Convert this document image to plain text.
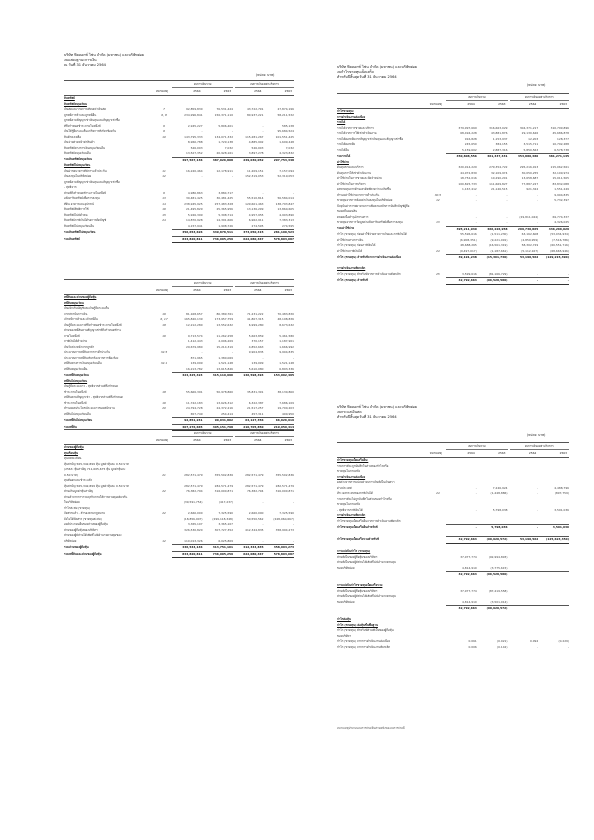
บริษัท ฟิลลอกซ์ ไซ่น จำกัด (มหาชน) และบริษัทย่อย
งบแสดงฐานะการเงิน
ณ วันที่ 31 ธันวาคม 2564
(หน่วย: บาท)
งบการเงินรวม	งบการเงินเฉพาะกิจการ
หมายเหตุ	2564	2563	2564	2563
สินทรัพย์					
สินทรัพย์หมุนเวียน					
เงินสดและรายการเทียบเท่าเงินสด	7	92,859,830	76,531,424	43,722,791	27,874,196
ลูกหนี้การค้าและลูกหนี้อื่น	6, 8	234,996,841	150,371,110	80,937,221	58,211,532
ลูกหนี้ตามสัญญาเช่าเงินทุนและสัญญาเช่าซื้อ					
ที่ถึงกำหนดชำระภายในหนึ่งปี	9	2,945,227	5,806,401	-	585,138
เงินให้กู้ยืมระยะสั้นแก่กิจการที่เกี่ยวข้องกัน	6	-	-	-	95,684,524
สินค้าคงเหลือ	10	143,795,333	134,071,332	115,281,267	101,551,425
เงินจ่ายล่วงหน้าค่าสินค้า		8,960,788	1,729,138	4,885,902	1,699,448
สินทรัพย์ทางการเงินหมุนเวียนอื่น		546,003	7,032	546,003	7,032
สินทรัพย์หมุนเวียนอื่น		13,527,352	20,928,161	3,897,278	4,323,832
รวมสินทรัพย์หมุนเวียน		497,567,136	387,026,808	249,030,052	297,753,348
สินทรัพย์ไม่หมุนเวียน					
เงินฝากธนาคารที่มีภาระค้ำประกัน	11	16,240,464	12,178,911	11,209,151	7,157,094
เงินลงทุนในบริษัทย่อย	12	-	-	152,319,053	52,319,053
ลูกหนี้ตามสัญญาเช่าเงินทุนและสัญญาเช่าซื้อ					
- สุทธิจาก					
ส่วนที่ถึงกำหนดชำระภายในหนึ่งปี	9	4,980,863	3,884,717	-	-
อสังหาริมทรัพย์เพื่อการลงทุน	13	30,481,425	30,481,425	55,510,814	56,584,014
ที่ดิน อาคารและอุปกรณ์	14	238,945,925	257,483,328	129,601,463	138,793,847
สินทรัพย์สิทธิการใช้	19	21,495,829	25,365,956	13,136,299	13,860,605
สินทรัพย์ไม่มีตัวตน	15	5,926,399	5,398,714	4,957,955	4,903,890
สินทรัพย์ภาษีเงินได้รอการตัดบัญชี	24	14,870,928	14,391,606	6,962,911	7,383,313
สินทรัพย์ไม่หมุนเวียนอื่น		4,157,941	1,998,726	274,595	274,595
รวมสินทรัพย์ไม่หมุนเวียน		356,653,626	349,878,511	373,050,415	281,190,523
รวมสินทรัพย์		843,820,811	736,905,259	622,080,467	578,893,687
งบการเงินรวม	งบการเงินเฉพาะกิจการ
หมายเหตุ	2564	2563	2564	2563
หนี้สินและส่วนของผู้ถือหุ้น					
หนี้สินหมุนเวียน					
เงินเบิกเกินบัญชีและเงินกู้ยืมระยะสั้น					
จากสถาบันการเงิน	16	81,168,657	80,389,761	71,231,222	70,483,830
เจ้าหนี้การค้าและเจ้าหนี้อื่น	6, 17	165,820,139	173,957,759	41,807,315	48,198,836
เงินกู้ยืมระยะยาวที่ถึงกำหนดชำระภายในหนึ่งปี	18	12,212,280	13,552,632	6,999,280	8,673,632
ส่วนของหนี้สินตามสัญญาเช่าที่ถึงกำหนดชำระ					
ภายในหนึ่งปี	19	9,713,574	11,262,258	5,663,859	5,461,580
ภาษีเงินได้ค้างจ่าย		1,412,443	2,096,209	370,157	1,187,901
เงินรับล่วงหน้าจากลูกค้า		29,679,980	15,214,319	4,852,663	1,666,992
ประมาณการหนี้สินจากการค้ำประกัน	32.5	-	-	9,904,835	9,904,835
ประมาณการหนี้สินเรียกร้องจากการฟ้องร้อง		871,965	1,380,069	-	-
หนี้สินทางการเงินหมุนเวียนอื่น	32.1	139,099	1,521,148	139,099	1,521,148
หนี้สินหมุนเวียนอื่น		16,213,782	13,615,846	5,610,080	6,893,336
รวมหนี้สินหมุนเวียน		324,425,424	315,119,996	146,598,494	153,992,495
หนี้สินไม่หมุนเวียน					
เงินกู้ยืมระยะยาว - สุทธิจากส่วนที่ถึงกำหนด					
ชำระภายในหนึ่งปี	18	55,666,391	50,978,860	35,831,391	38,130,860
หนี้สินตามสัญญาเช่า - สุทธิจากส่วนที่ถึงกำหนด					
ชำระภายในหนึ่งปี	19	11,742,183	13,626,312	6,322,387	7,686,109
สำรองผลประโยชน์ระยะยาวของพนักงาน	20	24,794,728	24,372,216	21,517,257	19,700,203
หนี้สินไม่หมุนเวียนอื่น		657,749	254,414	457,311	400,950
รวมหนี้สินไม่หมุนเวียน		92,851,241	90,031,802	64,127,356	66,026,919
รวมหนี้สิน		407,276,665	405,151,798	210,705,850	219,959,414
งบการเงินรวม	งบการเงินเฉพาะกิจการ
หมายเหตุ	2564	2563	2564	2563
ส่วนของผู้ถือหุ้น					
ทุนเรือนหุ้น					
ทุนจดทะเบียน					
หุ้นสามัญ 565,342,899 หุ้น มูลค่าหุ้นละ 0.50 บาท					
(2563: หุ้นสามัญ 711,005,675 หุ้น มูลค่าหุ้นละ					
0.50 บาท)	21	282,571,479	355,502,836	282,571,479	355,502,836
ทุนที่ออกและชำระแล้ว					
หุ้นสามัญ 565,342,899 หุ้น มูลค่าหุ้นละ 0.50 บาท		282,571,479	282,571,479	282,571,479	282,571,479
ส่วนเกินมูลค่าหุ้นสามัญ	22	76,382,794	316,000,871	76,382,794	316,000,871
ส่วนต่ำจากการรวมธุรกิจภายใต้การควบคุมเดียวกัน					
ในบริษัทย่อย		(39,591,754)	(417,237)	-	-
กำไรสะสม (ขาดทุน)					
จัดสรรแล้ว - สำรองตามกฎหมาย	22	2,660,000	7,325,590	2,660,000	7,325,590
ยังไม่ได้จัดสรร (ขาดทุนสะสม)		(18,856,907)	(299,118,348)	50,550,562	(248,960,667)
องค์ประกอบอื่นของส่วนของผู้ถือหุ้น		3,365,107	3,365,107	-	-
ส่วนของผู้ถือหุ้นของบริษัทฯ		326,530,820	307,727,352	412,344,835	358,994,273
ส่วนของผู้มีส่วนได้เสียที่ไม่มีอำนาจควบคุมของ					
บริษัทย่อย	12	110,013,326	6,025,809	-	-
รวมส่วนของผู้ถือหุ้น		436,544,146	313,751,161	412,344,835	358,994,273
รวมหนี้สินและส่วนของผู้ถือหุ้น		843,820,811	736,905,259	622,080,467	578,893,687
บริษัท ฟิลลอกซ์ ไซ่น จำกัด (มหาชน) และบริษัทย่อย
งบกำไรขาดทุนเบ็ดเสร็จ
สำหรับปีสิ้นสุดวันที่ 31 ธันวาคม 2564
(หน่วย: บาท)
งบการเงินรวม	งบการเงินเฉพาะกิจการ
หมายเหตุ	2564	2563	2564	2563
กำไรขาดทุน:					
การดำเนินงานต่อเนื่อง					
รายได้					
รายได้จากการขายและบริการ		379,997,669	316,663,029	304,371,217	310,799,896
รายได้จากการให้เช่าดำเนินงาน		68,494,228	43,881,876	29,130,626	45,686,878
รายได้ดอกเบี้ยจากสัญญาเช่าเงินทุนและสัญญาเช่าซื้อ		916,828	1,153,937	12,203	128,377
รายได้ดอกเบี้ย		245,650	384,155	3,515,711	10,792,288
รายได้อื่น		5,159,602	2,887,316	5,850,563	6,578,738
รวมรายได้		450,808,556	361,437,431	353,880,380	381,271,145
ค่าใช้จ่าย					
ต้นทุนขายและบริการ		320,914,229	279,354,722	295,216,913	215,062,561
ต้นทุนการให้เช่าดำเนินงาน		44,972,839	32,109,974	30,050,255	32,109,974
ค่าใช้จ่ายในการขายและจัดจำหน่าย		18,752,016	10,290,201	13,658,687	15,011,565
ค่าใช้จ่ายในการบริหาร		100,825,733	111,669,827	77,887,227	83,832,088
ผลขาดทุนจากด้านเครดิตที่คาดว่าจะเกิดขึ้น		1,167,412	21,146,515	921,324	1,551,249
สำรองค่าใช้จ่ายจากการค้ำประกัน	30.5	-	-	-	9,904,835
ขาดทุนจากการด้อยค่าเงินลงทุนในบริษัทย่อย	12	-	-	-	5,732,397
ปัจจุบันค่าการพยายามการเพิ่มตามหลักการบันทึกบัญชีผู้ถือ					
ของคลื่นแผนสิน					
ตลอดเนื้อคำวุฒิกรรมการ		-	-	(29,811,044)	69,774,337
ขาดทุนจากการวัดมูลค่าอสังหาริมทรัพย์เพื่อการลงทุน	13	-	-	-	4,326,025
รวมค่าใช้จ่าย		395,211,940	366,226,958	299,730,865	436,266,029
กำไร (ขาดทุน) ก่อนค่าใช้จ่ายทางการเงินและภาษีเงินได้		55,596,616	(1,511,230)	63,162,608	(53,034,934)
ค่าใช้จ่ายทางการเงิน		(6,908,351)	(9,221,091)	(4,859,959)	(7,516,786)
กำไร (ขาดทุน) ก่อนภาษีเงินได้		48,688,265	(16,561,319)	58,302,729	(60,551,716)
ค่าใช้จ่ายภาษีเงินได้	24	(9,497,017)	(1,187,661)	(5,112,167)	(68,665,946)
กำไร (ขาดทุน) สำหรับปีจากการดำเนินงานต่อเนื่อง		39,191,248	(15,361,730)	53,190,562	(129,215,390)

การดำเนินงานที่ยกเลิก					
กำไร (ขาดทุน) สำหรับปีจากการดำเนินงานที่ยกเลิก	25	3,599,616	(81,166,729)	-	-
กำไร (ขาดทุน) สำหรับปี		42,792,664	(96,528,580)	-	-
บริษัท ฟิลลอกซ์ ไซ่น จำกัด (มหาชน) และบริษัทย่อย
งบกระแสเงินสด
สำหรับปีสิ้นสุดวันที่ 31 ธันวาคม 2564
(หน่วย: บาท)
งบการเงินรวม	งบการเงินเฉพาะกิจการ
หมายเหตุ	2564	2563	2564	2563
กำไรขาดทุนเบ็ดเสร็จอื่น:					
รายการที่จะถูกบันทึกในส่วนของกำไรหรือ					
ขาดทุนในภายหลัง					
การดำเนินงานต่อเนื่อง					
ผลต่างจากการแปลงค่างบการเงินที่เป็นเงินตรา					
ต่างประเทศ		-	7,246,924	-	4,488,796
หัก: ผลกระทบของภาษีเงินได้	24	-	(1,448,886)	-	(897,759)
รายการที่จะไม่ถูกบันทึกในส่วนของกำไรหรือ					
ขาดทุนในภายหลัง					
- สุทธิจากภาษีเงินได้		-	5,798,038	-	3,591,036
การดำเนินงานที่ยกเลิก					
กำไรขาดทุนเบ็ดเสร็จอื่นจากการดำเนินงานที่ยกเลิก					
กำไรขาดทุนเบ็ดเสร็จอื่นสำหรับปี		-	5,798,036	-	3,591,036

กำไรขาดทุนเบ็ดเสร็จรวมสำหรับปี		42,792,664	(90,920,572)	53,190,562	(125,624,350)

การแบ่งปันกำไร (ขาดทุน)					
ส่วนที่เป็นของผู้ถือหุ้นของบริษัทฯ		37,977,774	(92,994,893)		
ส่วนที่เป็นของผู้มีส่วนได้เสียที่ไม่มีอำนาจควบคุม					
ของบริษัทย่อย		4,814,910	(3,775,615)		
		42,792,664	(96,528,580)		

การแบ่งปันกำไรขาดทุนเบ็ดเสร็จรวม					
ส่วนที่เป็นของผู้ถือหุ้นของบริษัทฯ		37,977,774	(87,419,558)		
ส่วนที่เป็นของผู้มีส่วนได้เสียที่ไม่มีอำนาจควบคุม					
ของบริษัทย่อย		4,814,910	(3,501,014)		
		42,792,664	(90,920,572)		

กำไรต่อหุ้น					
กำไร (ขาดทุน) ต่อหุ้นขั้นพื้นฐาน					
กำไร (ขาดทุน) สำหรับปีส่วนที่เป็นของผู้ถือหุ้น					
ของบริษัทฯ					
กำไร (ขาดทุน) จากการดำเนินงานต่อเนื่อง		0.061	(0.021)	0.094	(0.229)
กำไร (ขาดทุน) จากการดำเนินงานที่ยกเลิก		0.006	(0.142)	-	-
หมายเหตุประกอบงบการเงินเป็นส่วนหนึ่งของงบการเงินนี้
